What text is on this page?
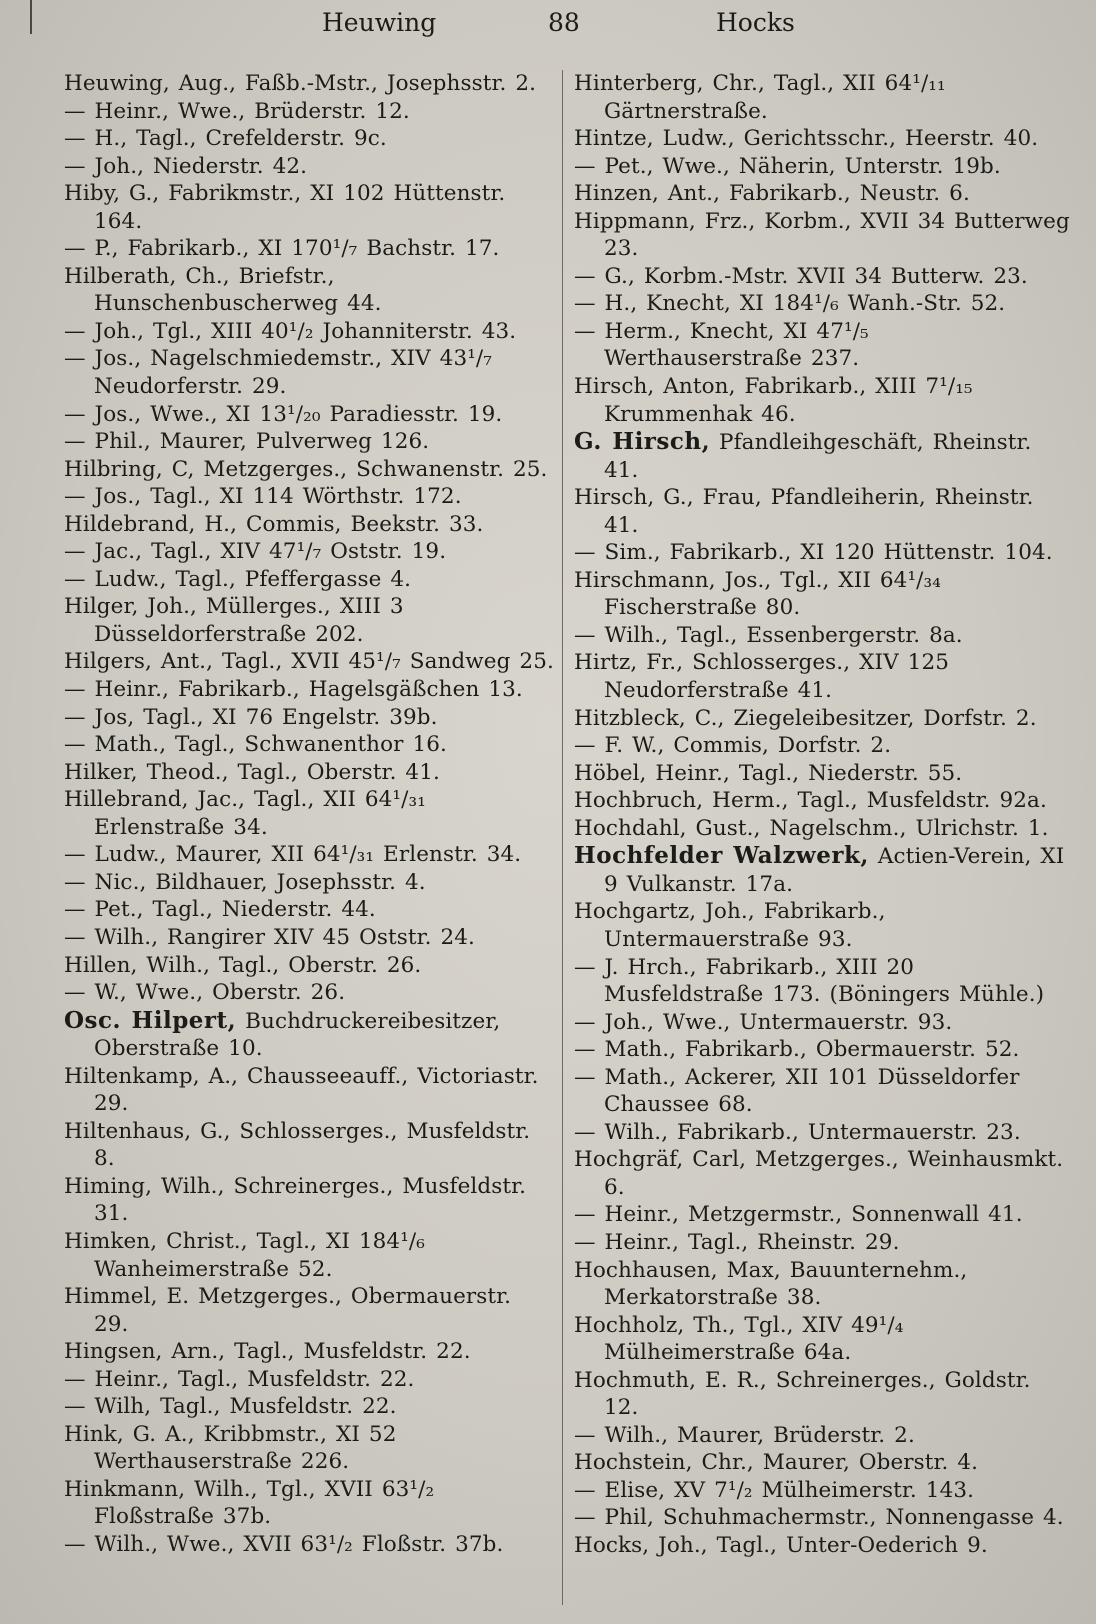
Heuwing	88	Hocks
Heuwing, Aug., Faßb.-Mstr., Josephsstr. 2.
— Heinr., Wwe., Brüderstr. 12.
— H., Tagl., Crefelderstr. 9c.
— Joh., Niederstr. 42.
Hiby, G., Fabrikmstr., XI 102 Hüttenstr. 164.
— P., Fabrikarb., XI 170¹/₇ Bachstr. 17.
Hilberath, Ch., Briefstr., Hunschenbuscherweg 44.
— Joh., Tgl., XIII 40¹/₂ Johanniterstr. 43.
— Jos., Nagelschmiedemstr., XIV 43¹/₇ Neudorferstr. 29.
— Jos., Wwe., XI 13¹/₂₀ Paradiesstr. 19.
— Phil., Maurer, Pulverweg 126.
Hilbring, C, Metzgerges., Schwanenstr. 25.
— Jos., Tagl., XI 114 Wörthstr. 172.
Hildebrand, H., Commis, Beekstr. 33.
— Jac., Tagl., XIV 47¹/₇ Oststr. 19.
— Ludw., Tagl., Pfeffergasse 4.
Hilger, Joh., Müllerges., XIII 3 Düsseldorferstraße 202.
Hilgers, Ant., Tagl., XVII 45¹/₇ Sandweg 25.
— Heinr., Fabrikarb., Hagelsgäßchen 13.
— Jos, Tagl., XI 76 Engelstr. 39b.
— Math., Tagl., Schwanenthor 16.
Hilker, Theod., Tagl., Oberstr. 41.
Hillebrand, Jac., Tagl., XII 64¹/₃₁ Erlenstraße 34.
— Ludw., Maurer, XII 64¹/₃₁ Erlenstr. 34.
— Nic., Bildhauer, Josephsstr. 4.
— Pet., Tagl., Niederstr. 44.
— Wilh., Rangirer XIV 45 Oststr. 24.
Hillen, Wilh., Tagl., Oberstr. 26.
— W., Wwe., Oberstr. 26.
Osc. Hilpert, Buchdruckereibesitzer, Oberstraße 10.
Hiltenkamp, A., Chausseeauff., Victoriastr. 29.
Hiltenhaus, G., Schlosserges., Musfeldstr. 8.
Himing, Wilh., Schreinerges., Musfeldstr. 31.
Himken, Christ., Tagl., XI 184¹/₆ Wanheimerstraße 52.
Himmel, E. Metzgerges., Obermauerstr. 29.
Hingsen, Arn., Tagl., Musfeldstr. 22.
— Heinr., Tagl., Musfeldstr. 22.
— Wilh, Tagl., Musfeldstr. 22.
Hink, G. A., Kribbmstr., XI 52 Werthauserstraße 226.
Hinkmann, Wilh., Tgl., XVII 63¹/₂ Floßstraße 37b.
— Wilh., Wwe., XVII 63¹/₂ Floßstr. 37b.
Hinterberg, Chr., Tagl., XII 64¹/₁₁ Gärtnerstraße.
Hintze, Ludw., Gerichtsschr., Heerstr. 40.
— Pet., Wwe., Näherin, Unterstr. 19b.
Hinzen, Ant., Fabrikarb., Neustr. 6.
Hippmann, Frz., Korbm., XVII 34 Butterweg 23.
— G., Korbm.-Mstr. XVII 34 Butterw. 23.
— H., Knecht, XI 184¹/₆ Wanh.-Str. 52.
— Herm., Knecht, XI 47¹/₅ Werthauserstraße 237.
Hirsch, Anton, Fabrikarb., XIII 7¹/₁₅ Krummenhak 46.
G. Hirsch, Pfandleihgeschäft, Rheinstr. 41.
Hirsch, G., Frau, Pfandleiherin, Rheinstr. 41.
— Sim., Fabrikarb., XI 120 Hüttenstr. 104.
Hirschmann, Jos., Tgl., XII 64¹/₃₄ Fischerstraße 80.
— Wilh., Tagl., Essenbergerstr. 8a.
Hirtz, Fr., Schlosserges., XIV 125 Neudorferstraße 41.
Hitzbleck, C., Ziegeleibesitzer, Dorfstr. 2.
— F. W., Commis, Dorfstr. 2.
Höbel, Heinr., Tagl., Niederstr. 55.
Hochbruch, Herm., Tagl., Musfeldstr. 92a.
Hochdahl, Gust., Nagelschm., Ulrichstr. 1.
Hochfelder Walzwerk, Actien-Verein, XI 9 Vulkanstr. 17a.
Hochgartz, Joh., Fabrikarb., Untermauerstraße 93.
— J. Hrch., Fabrikarb., XIII 20 Musfeldstraße 173. (Böningers Mühle.)
— Joh., Wwe., Untermauerstr. 93.
— Math., Fabrikarb., Obermauerstr. 52.
— Math., Ackerer, XII 101 Düsseldorfer Chaussee 68.
— Wilh., Fabrikarb., Untermauerstr. 23.
Hochgräf, Carl, Metzgerges., Weinhausmkt. 6.
— Heinr., Metzgermstr., Sonnenwall 41.
— Heinr., Tagl., Rheinstr. 29.
Hochhausen, Max, Bauunternehm., Merkatorstraße 38.
Hochholz, Th., Tgl., XIV 49¹/₄ Mülheimerstraße 64a.
Hochmuth, E. R., Schreinerges., Goldstr. 12.
— Wilh., Maurer, Brüderstr. 2.
Hochstein, Chr., Maurer, Oberstr. 4.
— Elise, XV 7¹/₂ Mülheimerstr. 143.
— Phil, Schuhmachermstr., Nonnengasse 4.
Hocks, Joh., Tagl., Unter-Oederich 9.
